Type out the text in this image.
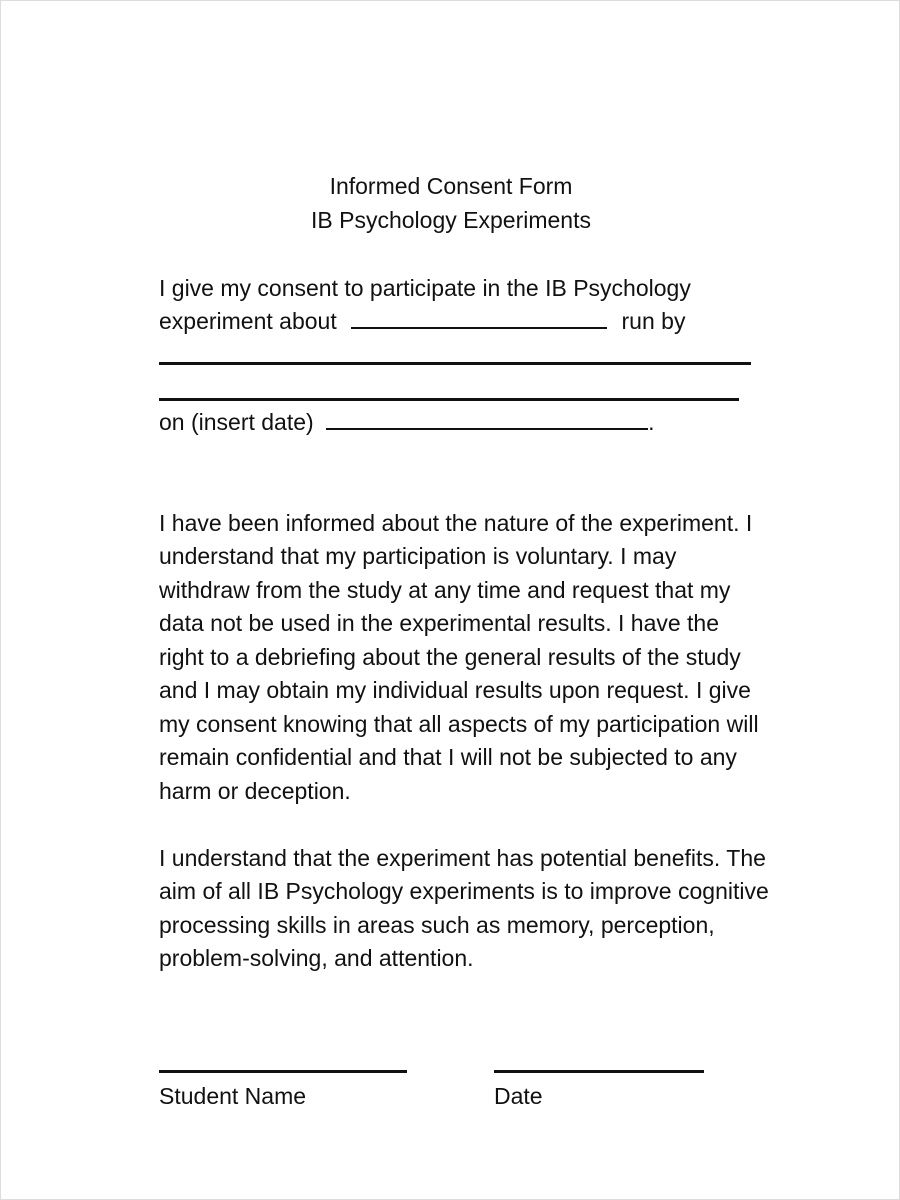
Informed Consent Form
IB Psychology Experiments
I give my consent to participate in the IB Psychology
experiment about	run by
on (insert date)	.
I have been informed about the nature of the experiment. I
understand that my participation is voluntary. I may
withdraw from the study at any time and request that my
data not be used in the experimental results. I have the
right to a debriefing about the general results of the study
and I may obtain my individual results upon request. I give
my consent knowing that all aspects of my participation will
remain confidential and that I will not be subjected to any
harm or deception.
I understand that the experiment has potential benefits. The
aim of all IB Psychology experiments is to improve cognitive
processing skills in areas such as memory, perception,
problem-solving, and attention.
Student Name	Date
